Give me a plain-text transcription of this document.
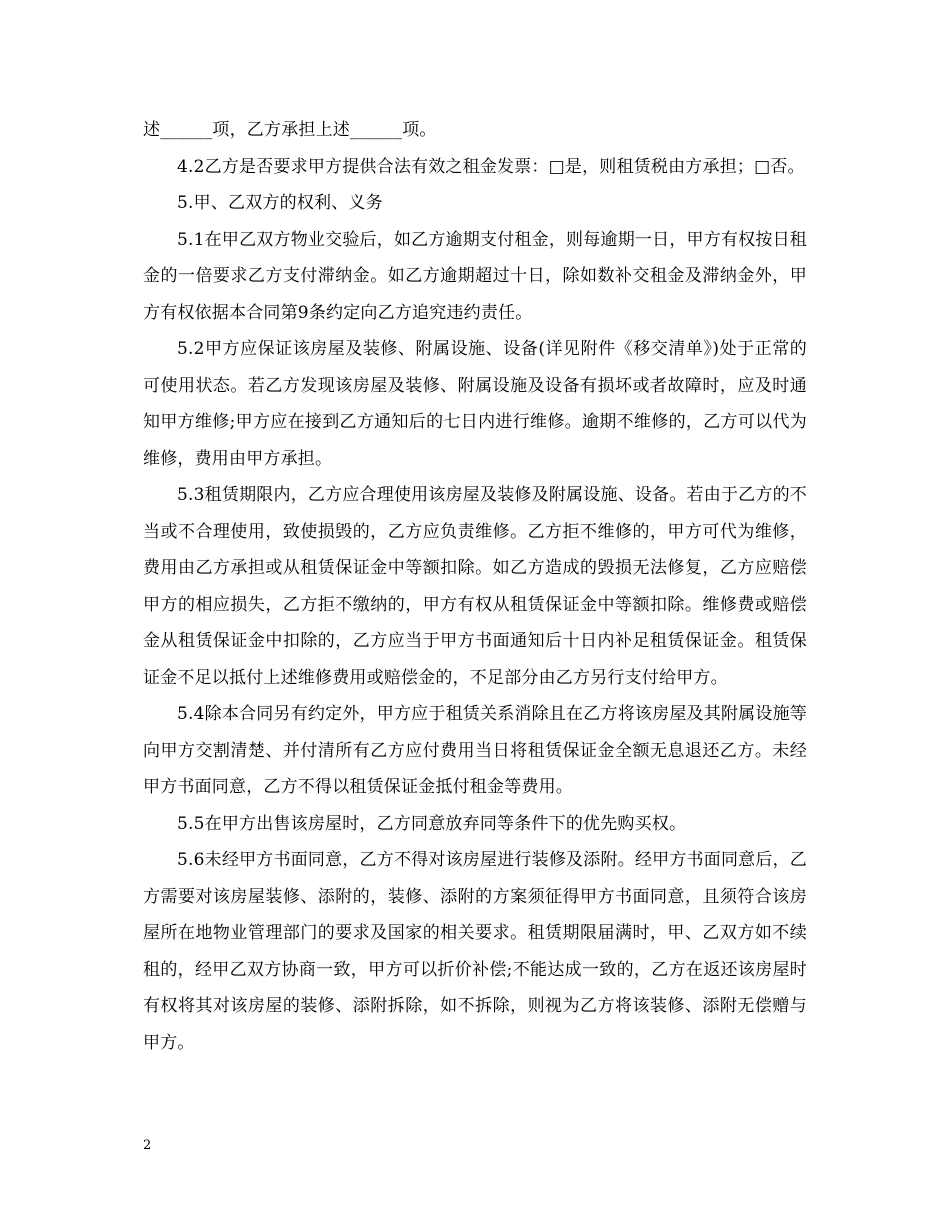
述______项，乙方承担上述______项。

4.2乙方是否要求甲方提供合法有效之租金发票：□是，则租赁税由方承担；□否。

5.甲、乙双方的权利、义务

5.1在甲乙双方物业交验后，如乙方逾期支付租金，则每逾期一日，甲方有权按日租金的一倍要求乙方支付滞纳金。如乙方逾期超过十日，除如数补交租金及滞纳金外，甲方有权依据本合同第9条约定向乙方追究违约责任。

5.2甲方应保证该房屋及装修、附属设施、设备(详见附件《移交清单》)处于正常的可使用状态。若乙方发现该房屋及装修、附属设施及设备有损坏或者故障时，应及时通知甲方维修;甲方应在接到乙方通知后的七日内进行维修。逾期不维修的，乙方可以代为维修，费用由甲方承担。

5.3租赁期限内，乙方应合理使用该房屋及装修及附属设施、设备。若由于乙方的不当或不合理使用，致使损毁的，乙方应负责维修。乙方拒不维修的，甲方可代为维修，费用由乙方承担或从租赁保证金中等额扣除。如乙方造成的毁损无法修复，乙方应赔偿甲方的相应损失，乙方拒不缴纳的，甲方有权从租赁保证金中等额扣除。维修费或赔偿金从租赁保证金中扣除的，乙方应当于甲方书面通知后十日内补足租赁保证金。租赁保证金不足以抵付上述维修费用或赔偿金的，不足部分由乙方另行支付给甲方。

5.4除本合同另有约定外，甲方应于租赁关系消除且在乙方将该房屋及其附属设施等向甲方交割清楚、并付清所有乙方应付费用当日将租赁保证金全额无息退还乙方。未经甲方书面同意，乙方不得以租赁保证金抵付租金等费用。

5.5在甲方出售该房屋时，乙方同意放弃同等条件下的优先购买权。

5.6未经甲方书面同意，乙方不得对该房屋进行装修及添附。经甲方书面同意后，乙方需要对该房屋装修、添附的，装修、添附的方案须征得甲方书面同意，且须符合该房屋所在地物业管理部门的要求及国家的相关要求。租赁期限届满时，甲、乙双方如不续租的，经甲乙双方协商一致，甲方可以折价补偿;不能达成一致的，乙方在返还该房屋时有权将其对该房屋的装修、添附拆除，如不拆除，则视为乙方将该装修、添附无偿赠与甲方。

2
